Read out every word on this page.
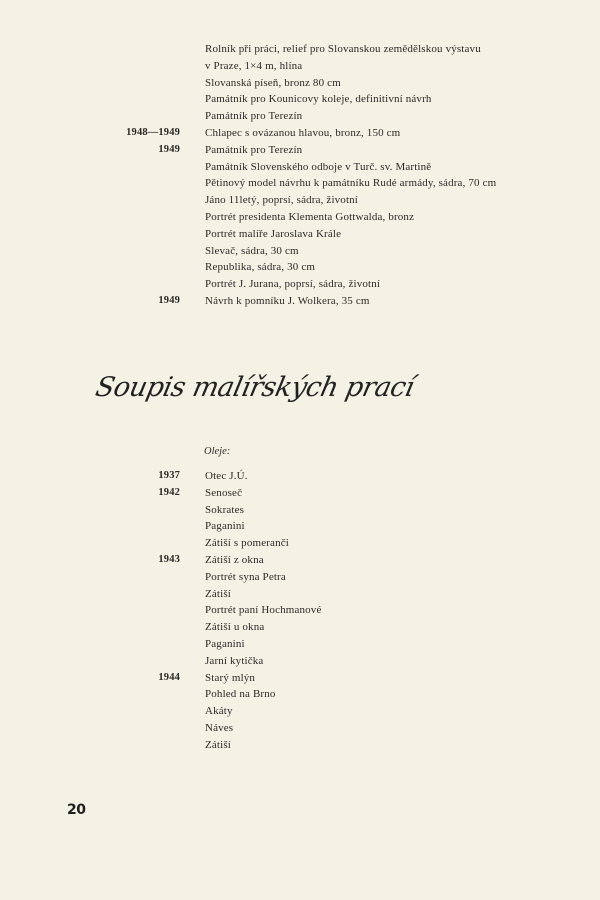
Rolník při práci, relief pro Slovanskou zemědělskou výstavu
v Praze, 1×4 m, hlína
Slovanská píseň, bronz 80 cm
Památník pro Kounicovy koleje, definitivní návrh
Památník pro Terezín
1948—1949 Chlapec s ovázanou hlavou, bronz, 150 cm
1949 Památník pro Terezín
Památník Slovenského odboje v Turč. sv. Martině
Pětinový model návrhu k památníku Rudé armády, sádra, 70 cm
Jáno 11letý, poprsí, sádra, životní
Portrét presidenta Klementa Gottwalda, bronz
Portrét malíře Jaroslava Krále
Slevač, sádra, 30 cm
Republika, sádra, 30 cm
Portrét J. Jurana, poprsí, sádra, životní
1949 Návrh k pomníku J. Wolkera, 35 cm
Soupis malířských prací
Oleje:
1937 Otec J.Ú.
1942 Senoseč
Sokrates
Paganini
Zátiší s pomeranči
1943 Zátiší z okna
Portrét syna Petra
Zátiší
Portrét paní Hochmanové
Zátiší u okna
Paganini
Jarní kytička
1944 Starý mlýn
Pohled na Brno
Akáty
Náves
Zátiší
20
